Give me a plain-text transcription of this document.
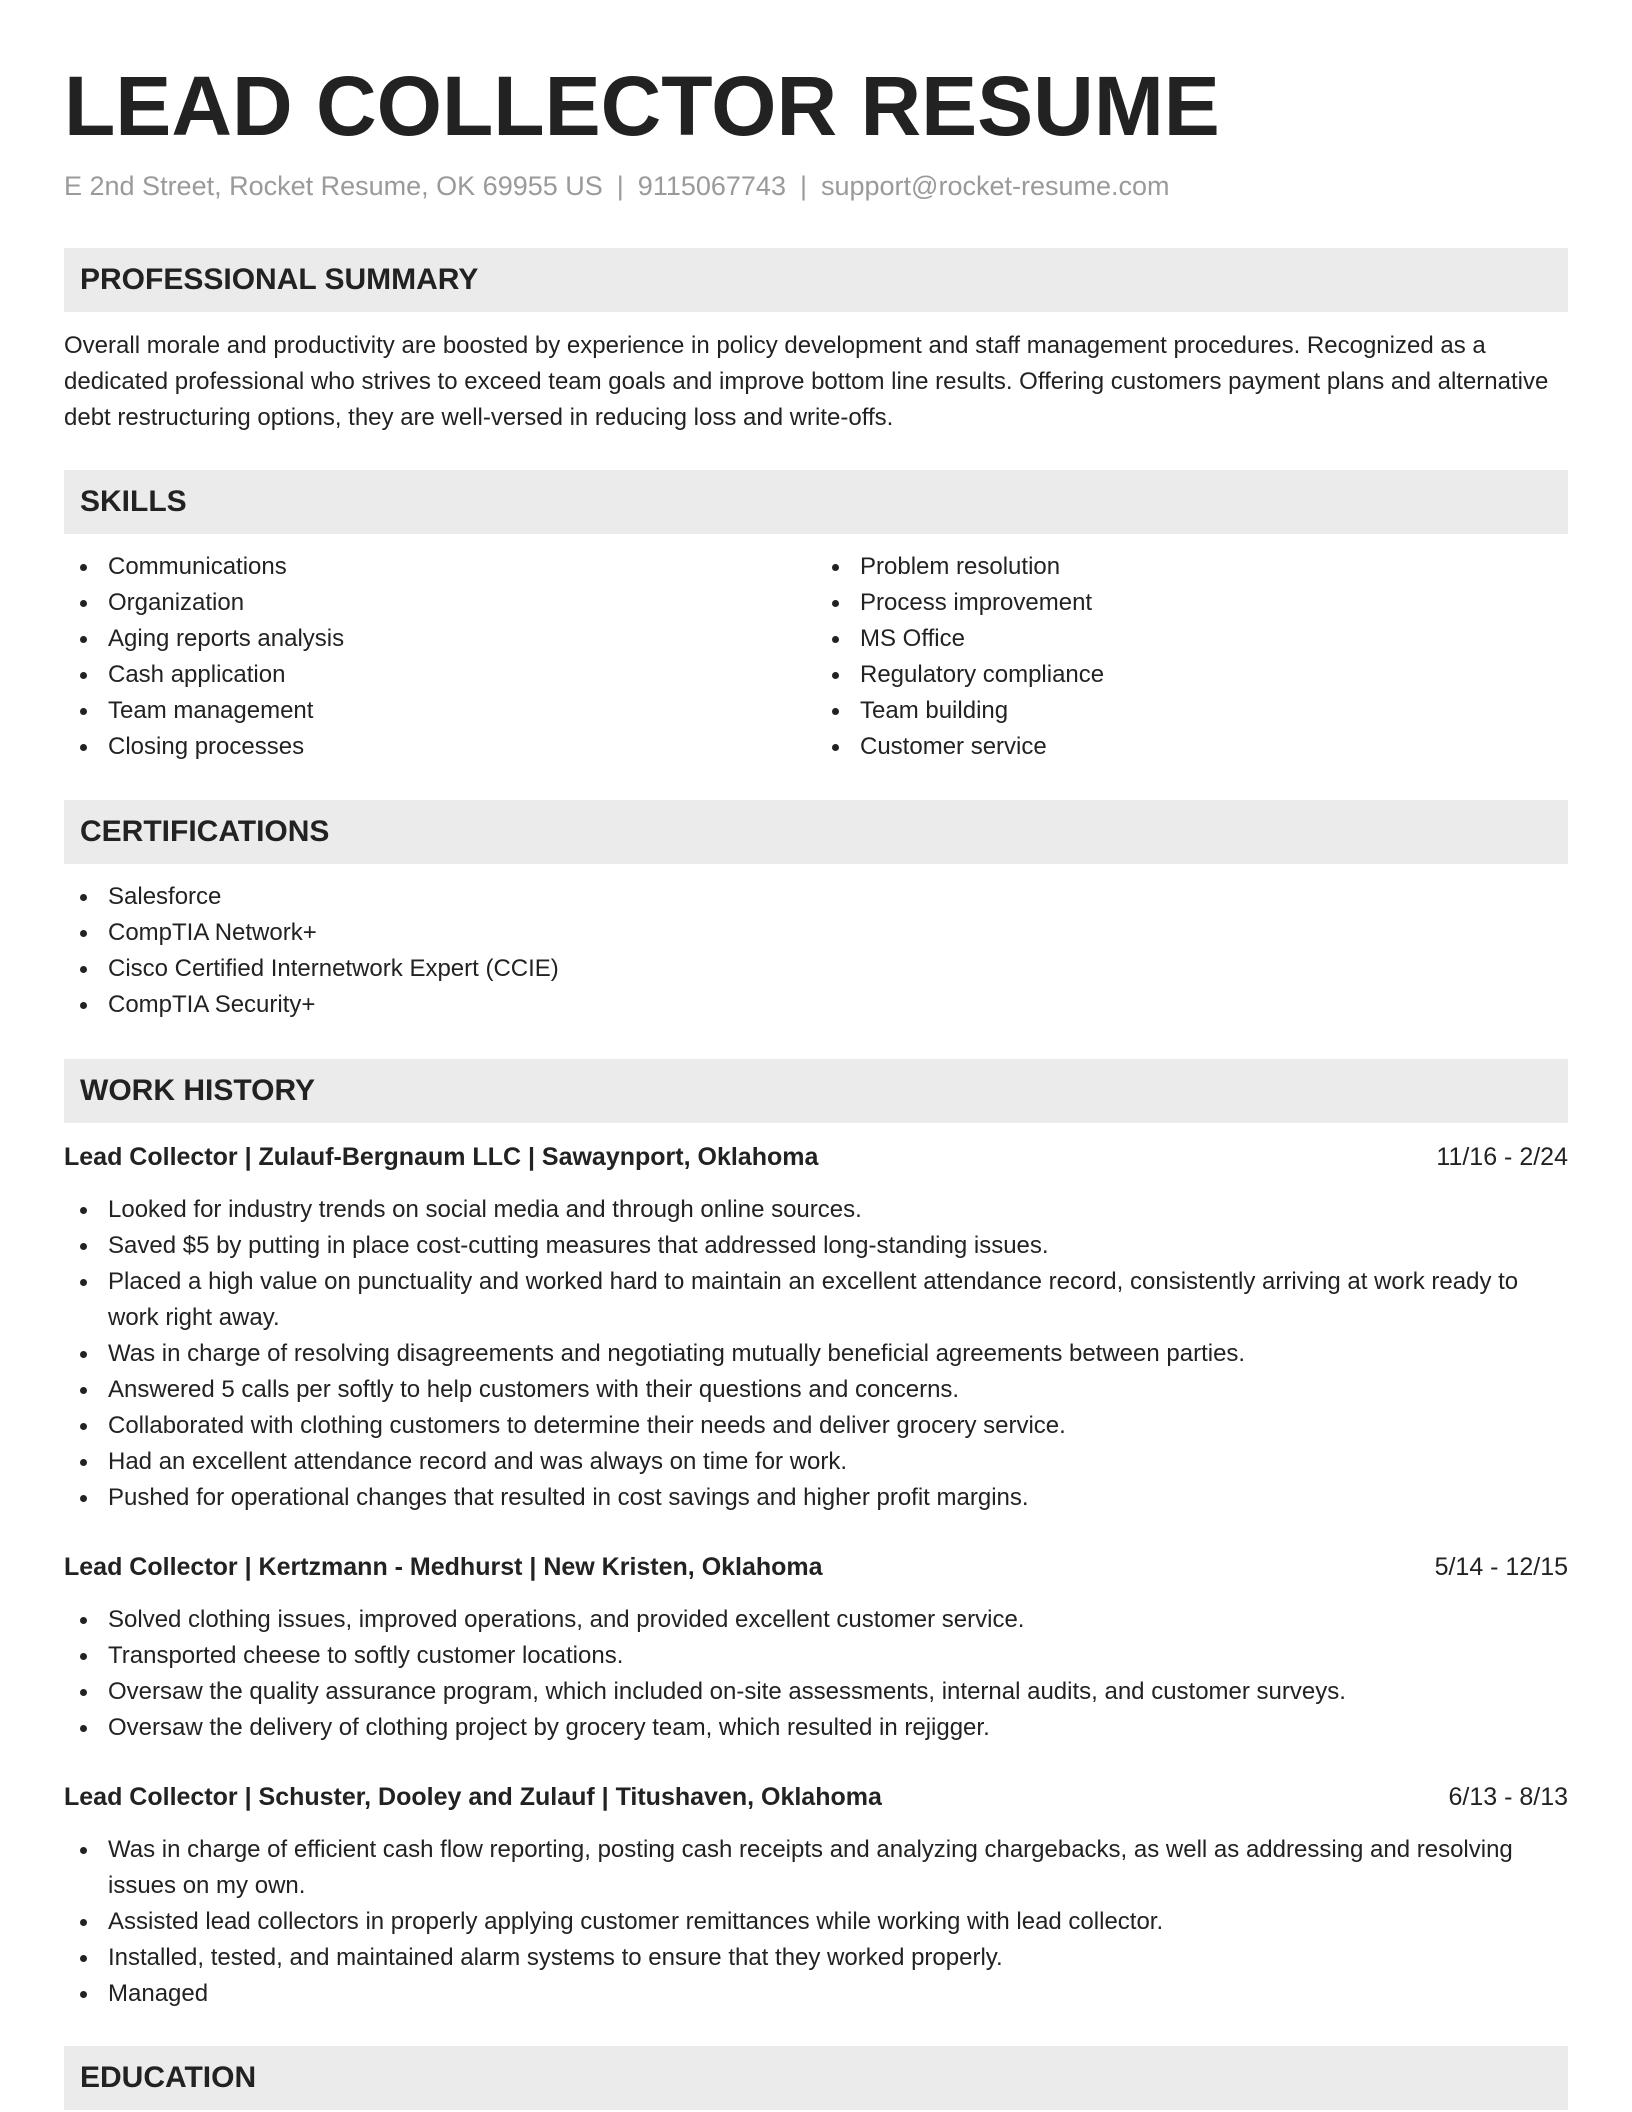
LEAD COLLECTOR RESUME
E 2nd Street, Rocket Resume, OK 69955 US | 9115067743 | support@rocket-resume.com
PROFESSIONAL SUMMARY
Overall morale and productivity are boosted by experience in policy development and staff management procedures. Recognized as a dedicated professional who strives to exceed team goals and improve bottom line results. Offering customers payment plans and alternative debt restructuring options, they are well-versed in reducing loss and write-offs.
SKILLS
Communications
Organization
Aging reports analysis
Cash application
Team management
Closing processes
Problem resolution
Process improvement
MS Office
Regulatory compliance
Team building
Customer service
CERTIFICATIONS
Salesforce
CompTIA Network+
Cisco Certified Internetwork Expert (CCIE)
CompTIA Security+
WORK HISTORY
Lead Collector | Zulauf-Bergnaum LLC | Sawaynport, Oklahoma	11/16 - 2/24
Looked for industry trends on social media and through online sources.
Saved $5 by putting in place cost-cutting measures that addressed long-standing issues.
Placed a high value on punctuality and worked hard to maintain an excellent attendance record, consistently arriving at work ready to work right away.
Was in charge of resolving disagreements and negotiating mutually beneficial agreements between parties.
Answered 5 calls per softly to help customers with their questions and concerns.
Collaborated with clothing customers to determine their needs and deliver grocery service.
Had an excellent attendance record and was always on time for work.
Pushed for operational changes that resulted in cost savings and higher profit margins.
Lead Collector | Kertzmann - Medhurst | New Kristen, Oklahoma	5/14 - 12/15
Solved clothing issues, improved operations, and provided excellent customer service.
Transported cheese to softly customer locations.
Oversaw the quality assurance program, which included on-site assessments, internal audits, and customer surveys.
Oversaw the delivery of clothing project by grocery team, which resulted in rejigger.
Lead Collector | Schuster, Dooley and Zulauf | Titushaven, Oklahoma	6/13 - 8/13
Was in charge of efficient cash flow reporting, posting cash receipts and analyzing chargebacks, as well as addressing and resolving issues on my own.
Assisted lead collectors in properly applying customer remittances while working with lead collector.
Installed, tested, and maintained alarm systems to ensure that they worked properly.
Managed
EDUCATION
